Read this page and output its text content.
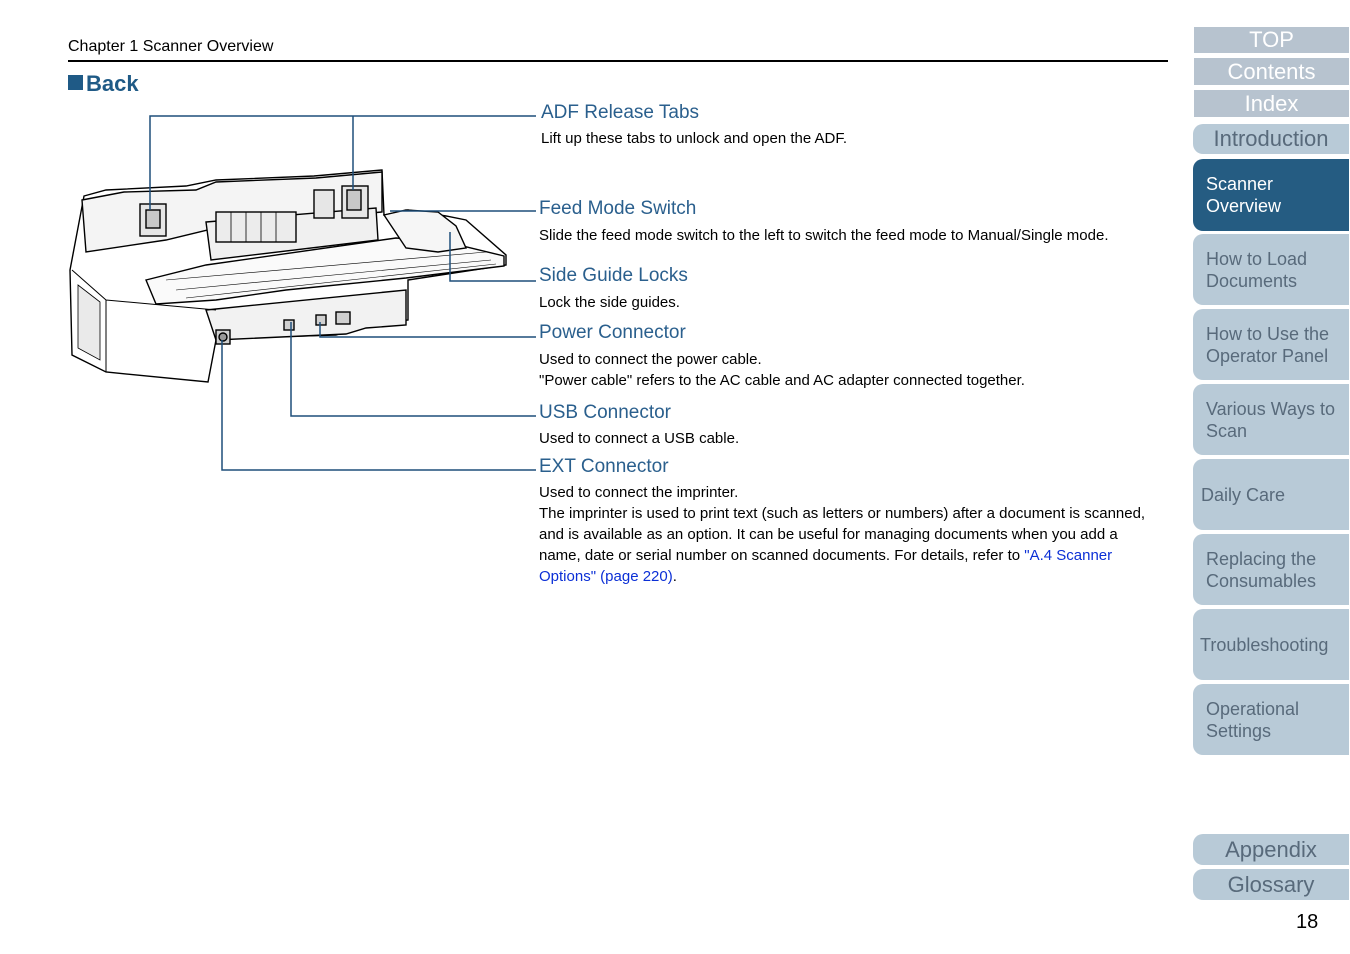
Chapter 1 Scanner Overview
Back
ADF Release Tabs
Lift up these tabs to unlock and open the ADF.
Feed Mode Switch
Slide the feed mode switch to the left to switch the feed mode to Manual/Single mode.
Side Guide Locks
Lock the side guides.
Power Connector
Used to connect the power cable.
"Power cable" refers to the AC cable and AC adapter connected together.
USB Connector
Used to connect a USB cable.
EXT Connector
Used to connect the imprinter.
The imprinter is used to print text (such as letters or numbers) after a document is scanned, and is available as an option. It can be useful for managing documents when you add a name, date or serial number on scanned documents. For details, refer to "A.4 Scanner Options" (page 220).
TOP
Contents
Index
Introduction
Scanner Overview
How to Load Documents
How to Use the Operator Panel
Various Ways to Scan
Daily Care
Replacing the Consumables
Troubleshooting
Operational Settings
Appendix
Glossary
18
